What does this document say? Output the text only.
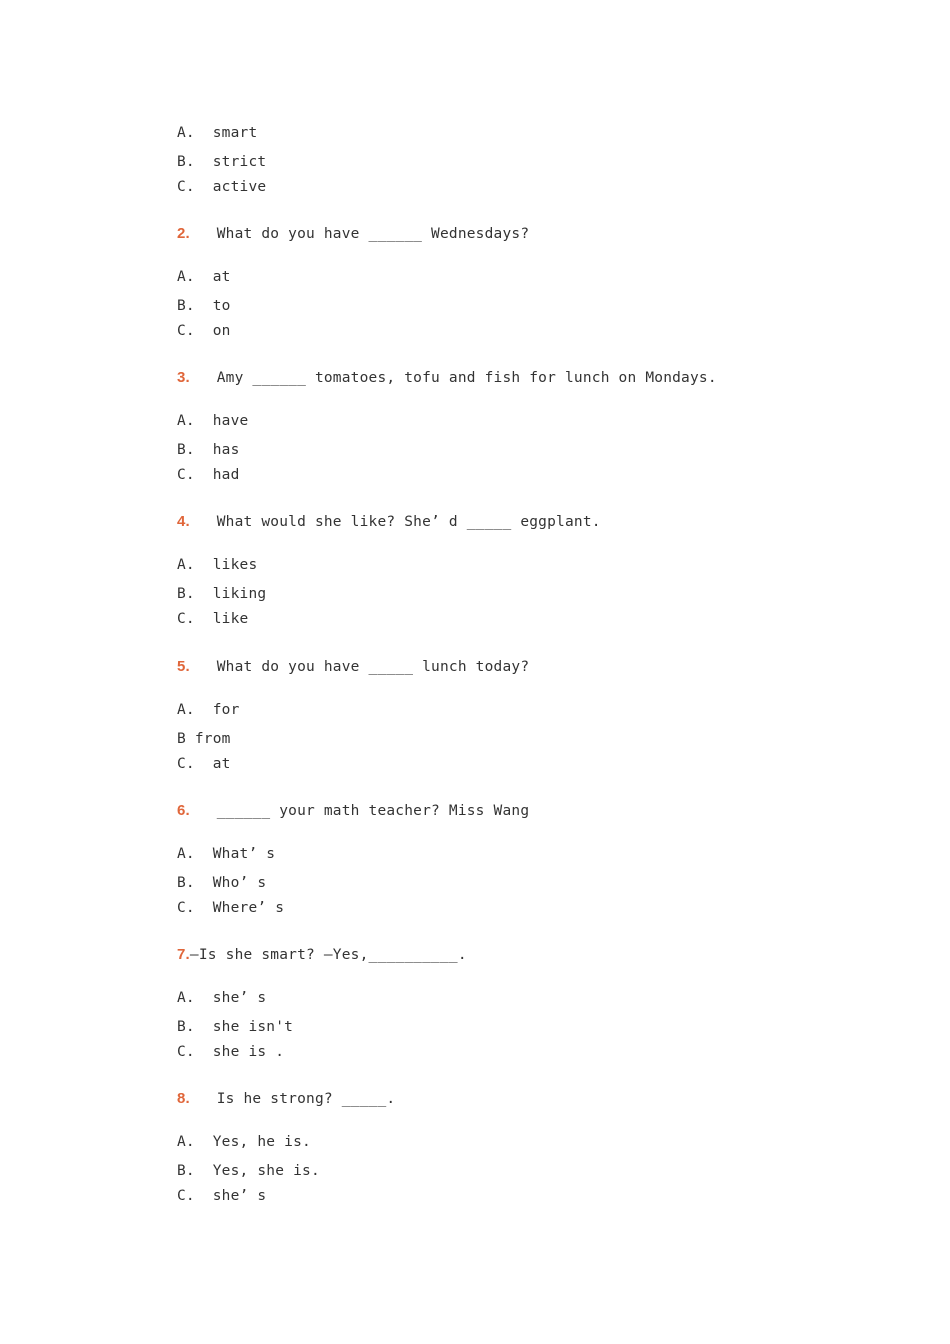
A.  smart
B.  strict
C.  active
2.   What do you have ______ Wednesdays?
A.  at
B.  to
C.  on
3.   Amy ______ tomatoes, tofu and fish for lunch on Mondays.
A.  have
B.  has
C.  had
4.   What would she like? She’ d _____ eggplant.
A.  likes
B.  liking
C.  like
5.   What do you have _____ lunch today?
A.  for
B from
C.  at
6.   ______ your math teacher? Miss Wang
A.  What’ s
B.  Who’ s
C.  Where’ s
7.—Is she smart? —Yes,__________.
A.  she’ s
B.  she isn't
C.  she is .
8.   Is he strong? _____.
A.  Yes, he is.
B.  Yes, she is.
C.  she’ s
